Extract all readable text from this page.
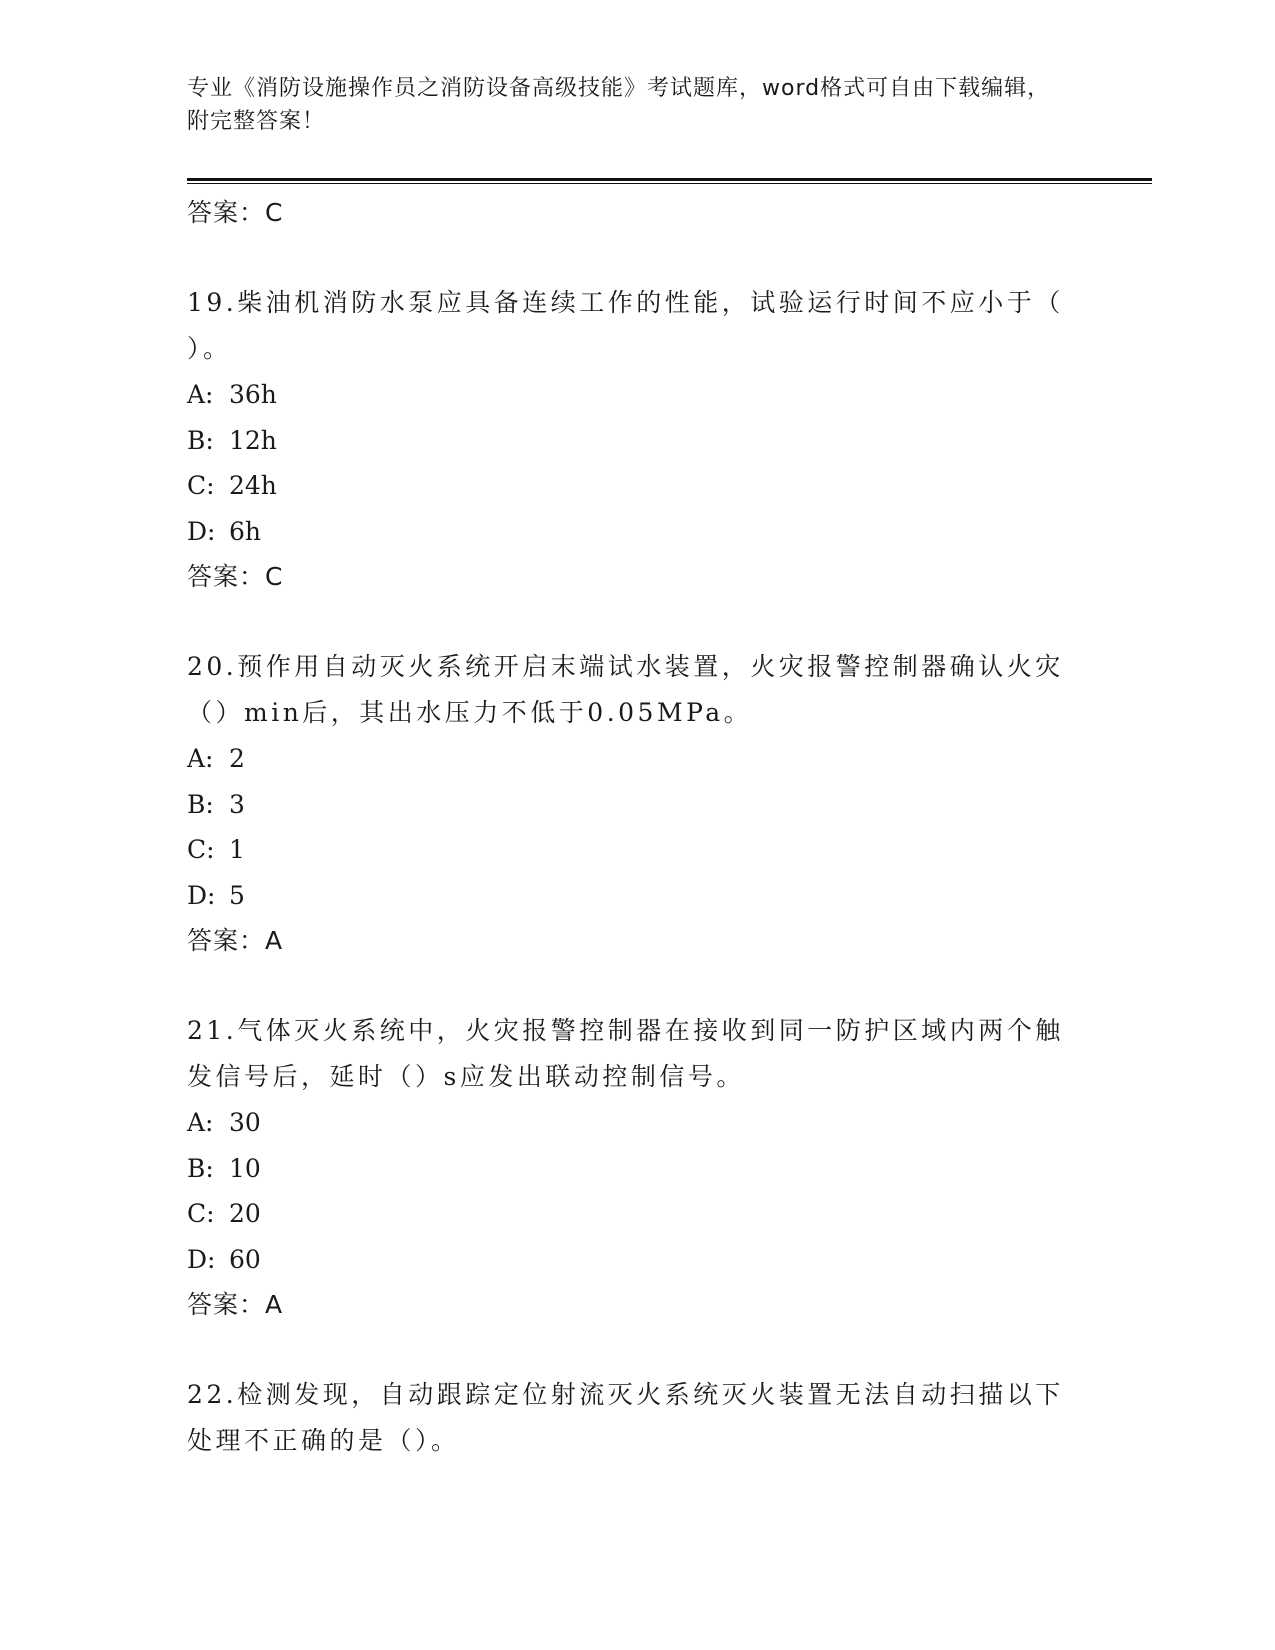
专业《消防设施操作员之消防设备高级技能》考试题库，word格式可自由下载编辑，附完整答案！
答案：C
19.柴油机消防水泵应具备连续工作的性能，试验运行时间不应小于（ ）。
A: 36h
B: 12h
C: 24h
D: 6h
答案：C
20.预作用自动灭火系统开启末端试水装置，火灾报警控制器确认火灾（）min后，其出水压力不低于0.05MPa。
A: 2
B: 3
C: 1
D: 5
答案：A
21.气体灭火系统中，火灾报警控制器在接收到同一防护区域内两个触发信号后，延时（）s应发出联动控制信号。
A: 30
B: 10
C: 20
D: 60
答案：A
22.检测发现，自动跟踪定位射流灭火系统灭火装置无法自动扫描以下处理不正确的是（）。
